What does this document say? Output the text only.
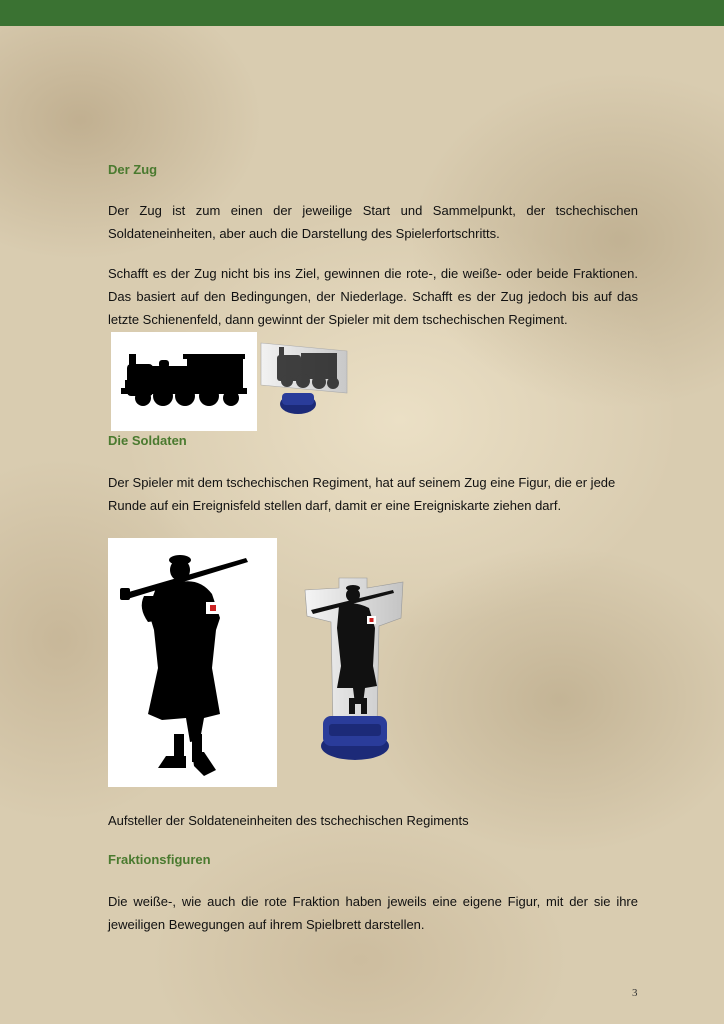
Der Zug

Der Zug ist zum einen der jeweilige Start und Sammelpunkt, der tschechischen Soldateneinheiten, aber auch die Darstellung des Spielerfortschritts.

Schafft es der Zug nicht bis ins Ziel, gewinnen die rote-, die weiße- oder beide Fraktionen. Das basiert auf den Bedingungen, der Niederlage. Schafft es der Zug jedoch bis auf das letzte Schienenfeld, dann gewinnt der Spieler mit dem tschechischen Regiment.

Die Soldaten

Der Spieler mit dem tschechischen Regiment, hat auf seinem Zug eine Figur, die er jede Runde auf ein Ereignisfeld stellen darf, damit er eine Ereigniskarte ziehen darf.

Aufsteller der Soldateneinheiten des tschechischen Regiments

Fraktionsfiguren

Die weiße-, wie auch die rote Fraktion haben jeweils eine eigene Figur, mit der sie ihre jeweiligen Bewegungen auf ihrem Spielbrett darstellen.

3
